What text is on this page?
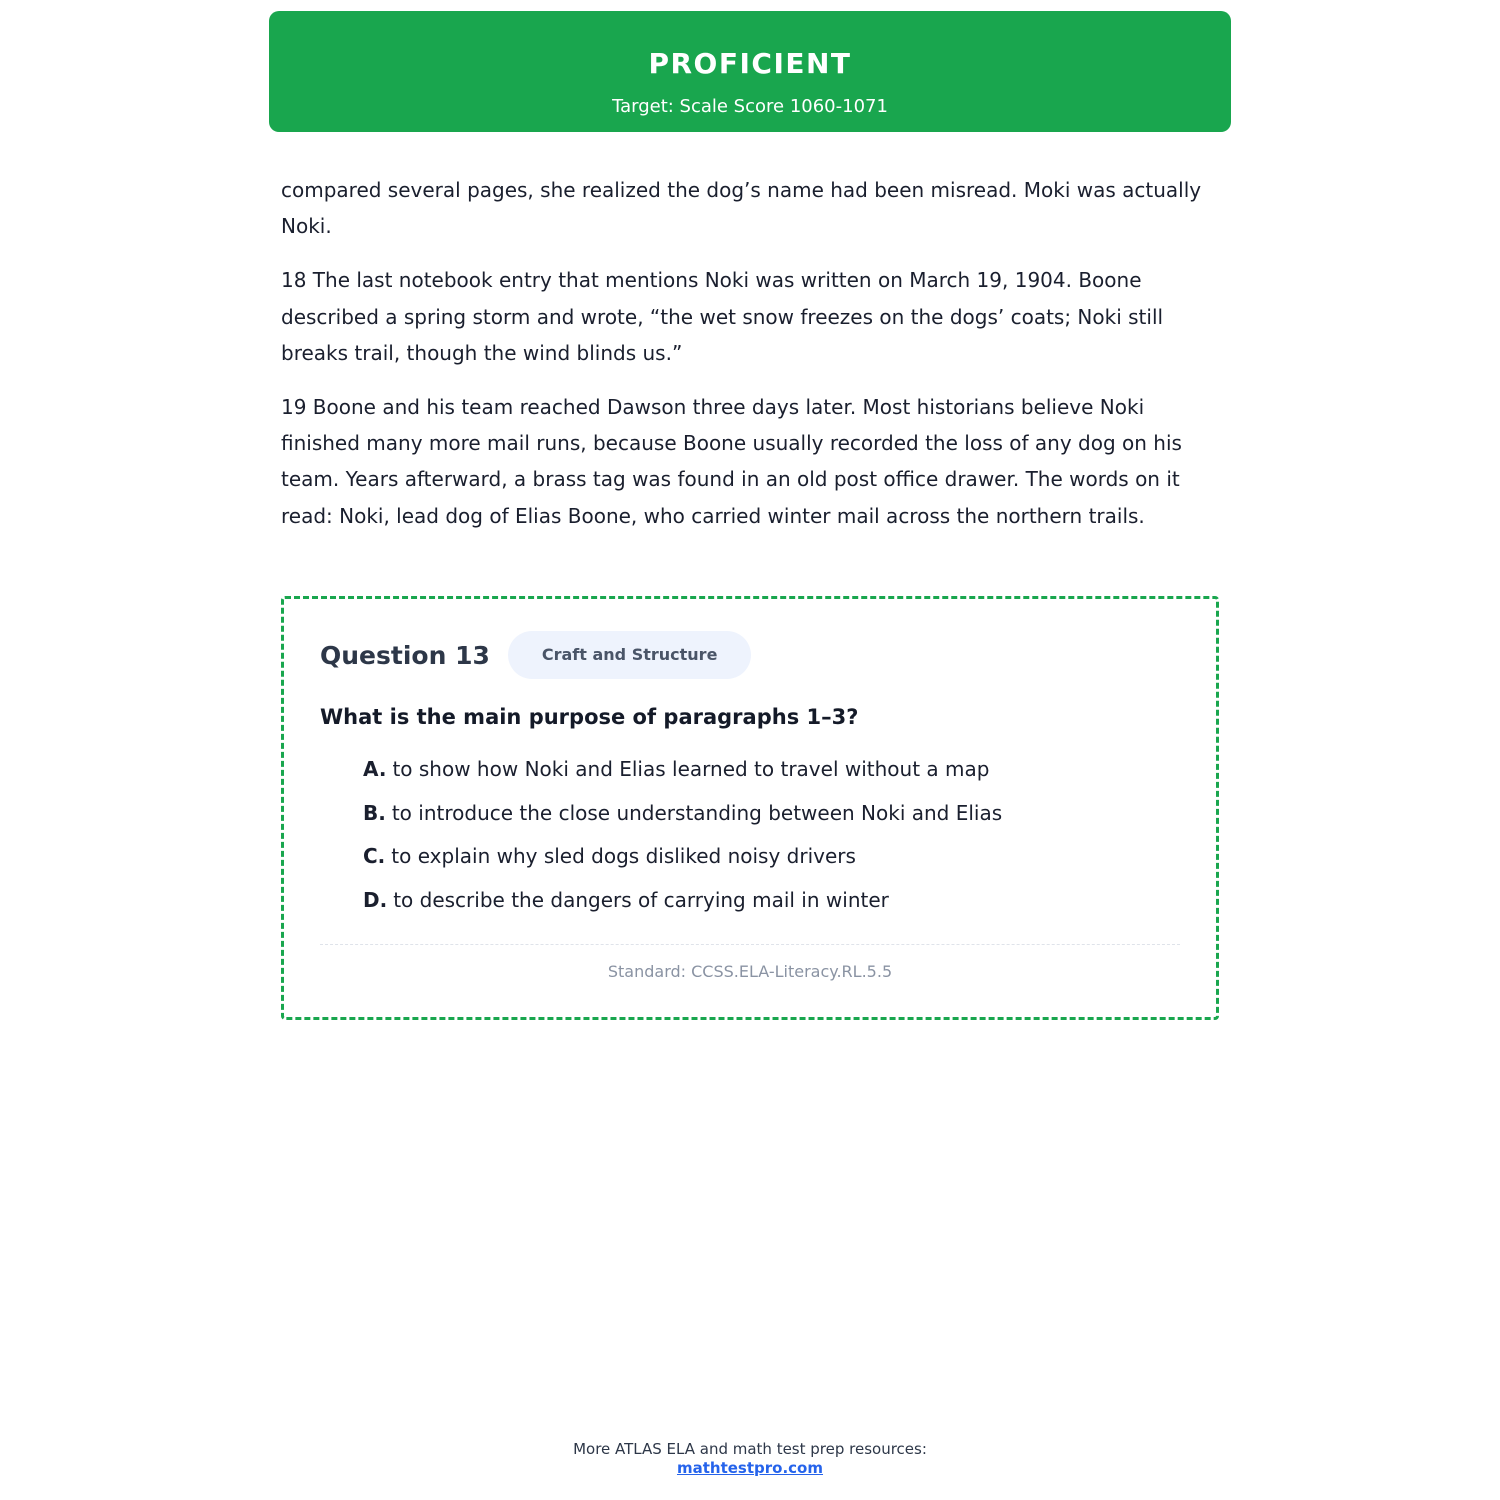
PROFICIENT
Target: Scale Score 1060-1071

compared several pages, she realized the dog’s name had been misread. Moki was actually Noki.

18 The last notebook entry that mentions Noki was written on March 19, 1904. Boone described a spring storm and wrote, “the wet snow freezes on the dogs’ coats; Noki still breaks trail, though the wind blinds us.”

19 Boone and his team reached Dawson three days later. Most historians believe Noki finished many more mail runs, because Boone usually recorded the loss of any dog on his team. Years afterward, a brass tag was found in an old post office drawer. The words on it read: Noki, lead dog of Elias Boone, who carried winter mail across the northern trails.

Question 13	Craft and Structure
What is the main purpose of paragraphs 1–3?
A. to show how Noki and Elias learned to travel without a map
B. to introduce the close understanding between Noki and Elias
C. to explain why sled dogs disliked noisy drivers
D. to describe the dangers of carrying mail in winter
Standard: CCSS.ELA-Literacy.RL.5.5
More ATLAS ELA and math test prep resources:
mathtestpro.com
